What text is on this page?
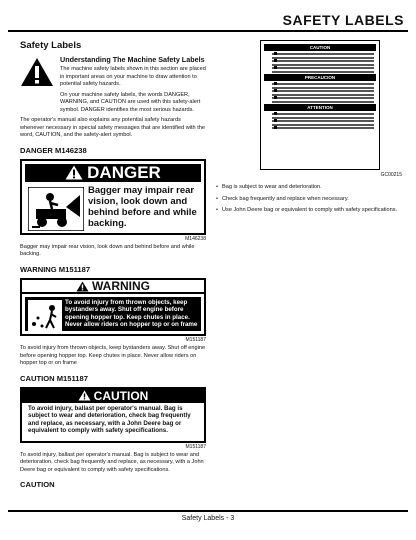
SAFETY LABELS
Safety Labels
Understanding The Machine Safety Labels
The machine safety labels shown in this section are placed in important areas on your machine to draw attention to potential safety hazards.
On your machine safety labels, the words DANGER, WARNING, and CAUTION are used with this safety-alert symbol. DANGER identifies the most serious hazards.
The operator's manual also explains any potential safety hazards whenever necessary in special safety messages that are identified with the word, CAUTION, and the safety-alert symbol.
DANGER M146238
DANGER
Bagger may impair rear vision, look down and behind before and while backing.
M146238
Bagger may impair rear vision, look down and behind before and while backing.
WARNING M151187
WARNING
To avoid injury from thrown objects, keep bystanders away. Shut off engine before opening hopper top. Keep chutes in place. Never allow riders on hopper top or on frame
M151187
To avoid injury from thrown objects, keep bystanders away. Shut off engine before opening hopper top. Keep chutes in place. Never allow riders on hopper top or on frame
CAUTION M151187
CAUTION
To avoid injury, ballast per operator's manual. Bag is subject to wear and deterioration, check bag frequently and replace, as necessary, with a John Deere bag or equivalent to comply with safety specifications.
M151187
To avoid injury, ballast per operator's manual. Bag is subject to wear and deterioration, check bag frequently and replace, as necessary, with a John Deere bag or equivalent to comply with safety specifications.
CAUTION
CAUTION
PRECAUCION
ATTENTION
GC00215
• Bag is subject to wear and deterioration.
• Check bag frequently and replace when necessary.
• Use John Deere bag or equivalent to comply with safety specifications.
Safety Labels - 3
